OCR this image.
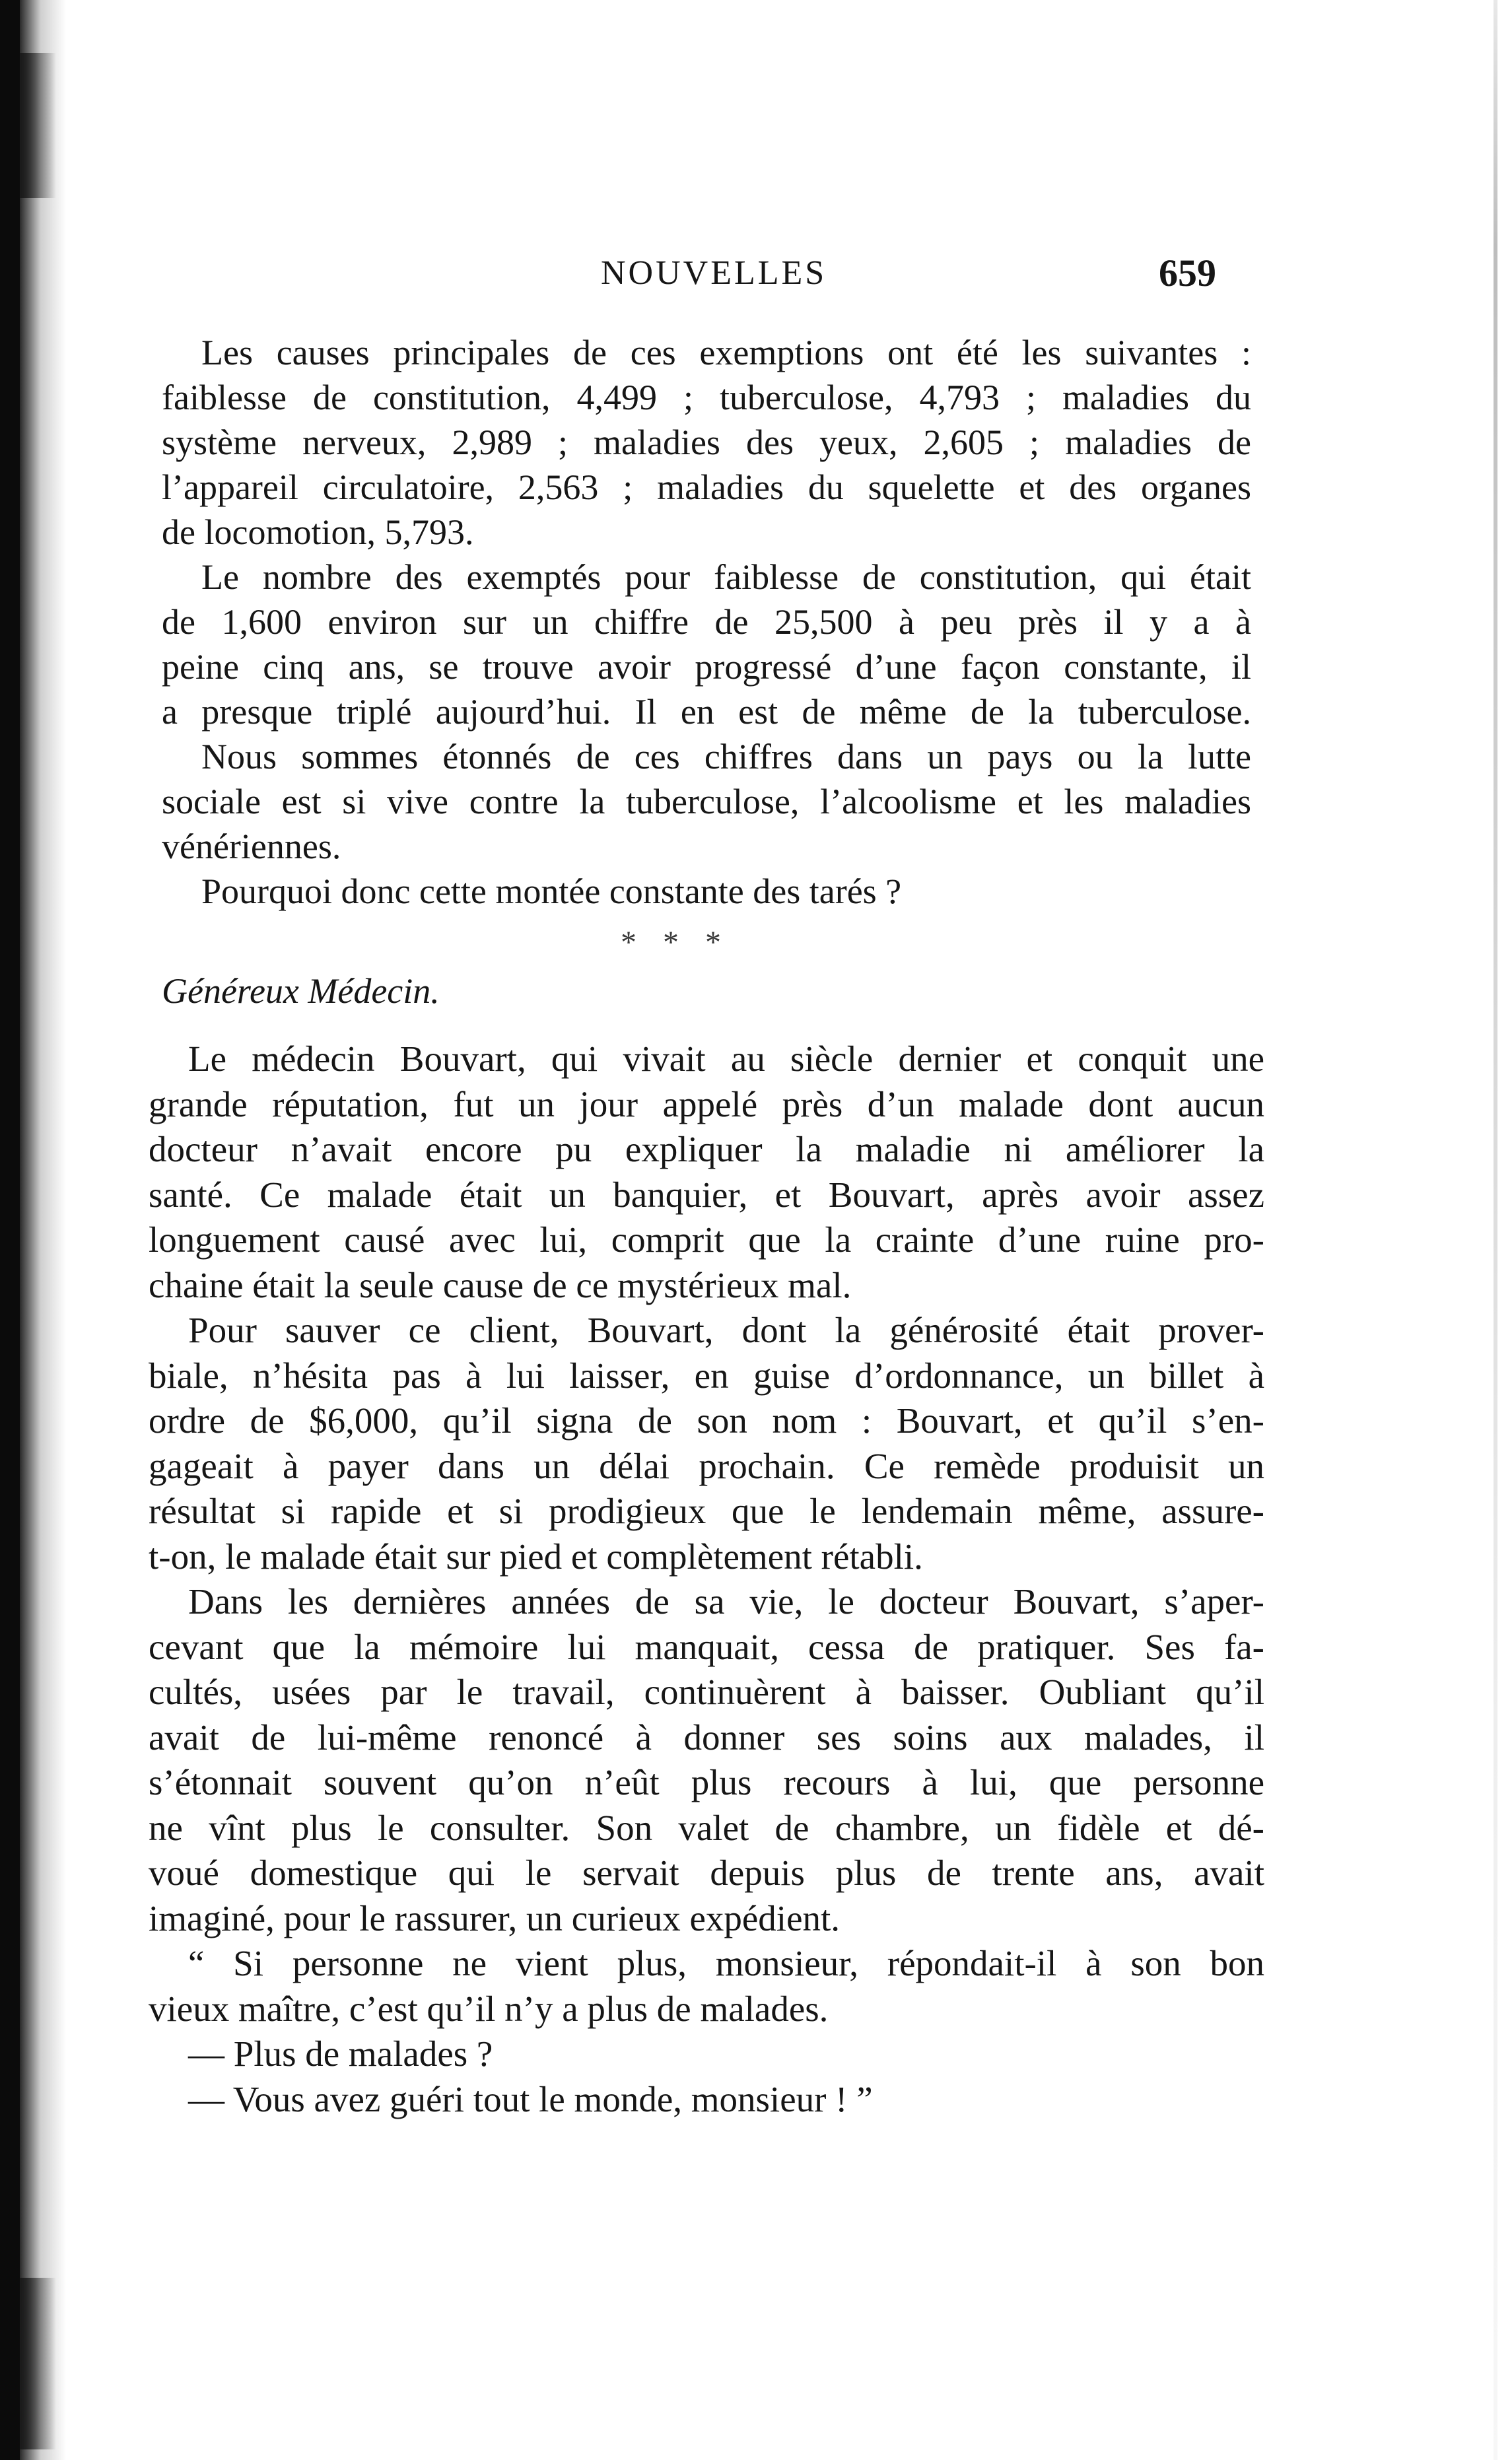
NOUVELLES	659
Les causes principales de ces exemptions ont été les suivantes :
faiblesse de constitution, 4,499 ; tuberculose, 4,793 ; maladies du
système nerveux, 2,989 ; maladies des yeux, 2,605 ; maladies de
l’appareil circulatoire, 2,563 ; maladies du squelette et des organes
de locomotion, 5,793.
Le nombre des exemptés pour faiblesse de constitution, qui était
de 1,600 environ sur un chiffre de 25,500 à peu près il y a à
peine cinq ans, se trouve avoir progressé d’une façon constante, il
a presque triplé aujourd’hui. Il en est de même de la tuberculose.
Nous sommes étonnés de ces chiffres dans un pays ou la lutte
sociale est si vive contre la tuberculose, l’alcoolisme et les maladies
vénériennes.
Pourquoi donc cette montée constante des tarés ?
* * *
Généreux Médecin.
Le médecin Bouvart, qui vivait au siècle dernier et conquit une
grande réputation, fut un jour appelé près d’un malade dont aucun
docteur n’avait encore pu expliquer la maladie ni améliorer la
santé. Ce malade était un banquier, et Bouvart, après avoir assez
longuement causé avec lui, comprit que la crainte d’une ruine pro-
chaine était la seule cause de ce mystérieux mal.
Pour sauver ce client, Bouvart, dont la générosité était prover-
biale, n’hésita pas à lui laisser, en guise d’ordonnance, un billet à
ordre de $6,000, qu’il signa de son nom : Bouvart, et qu’il s’en-
gageait à payer dans un délai prochain. Ce remède produisit un
résultat si rapide et si prodigieux que le lendemain même, assure-
t-on, le malade était sur pied et complètement rétabli.
Dans les dernières années de sa vie, le docteur Bouvart, s’aper-
cevant que la mémoire lui manquait, cessa de pratiquer. Ses fa-
cultés, usées par le travail, continuèrent à baisser. Oubliant qu’il
avait de lui-même renoncé à donner ses soins aux malades, il
s’étonnait souvent qu’on n’eût plus recours à lui, que personne
ne vînt plus le consulter. Son valet de chambre, un fidèle et dé-
voué domestique qui le servait depuis plus de trente ans, avait
imaginé, pour le rassurer, un curieux expédient.
“ Si personne ne vient plus, monsieur, répondait-il à son bon
vieux maître, c’est qu’il n’y a plus de malades.
— Plus de malades ?
— Vous avez guéri tout le monde, monsieur ! ”
